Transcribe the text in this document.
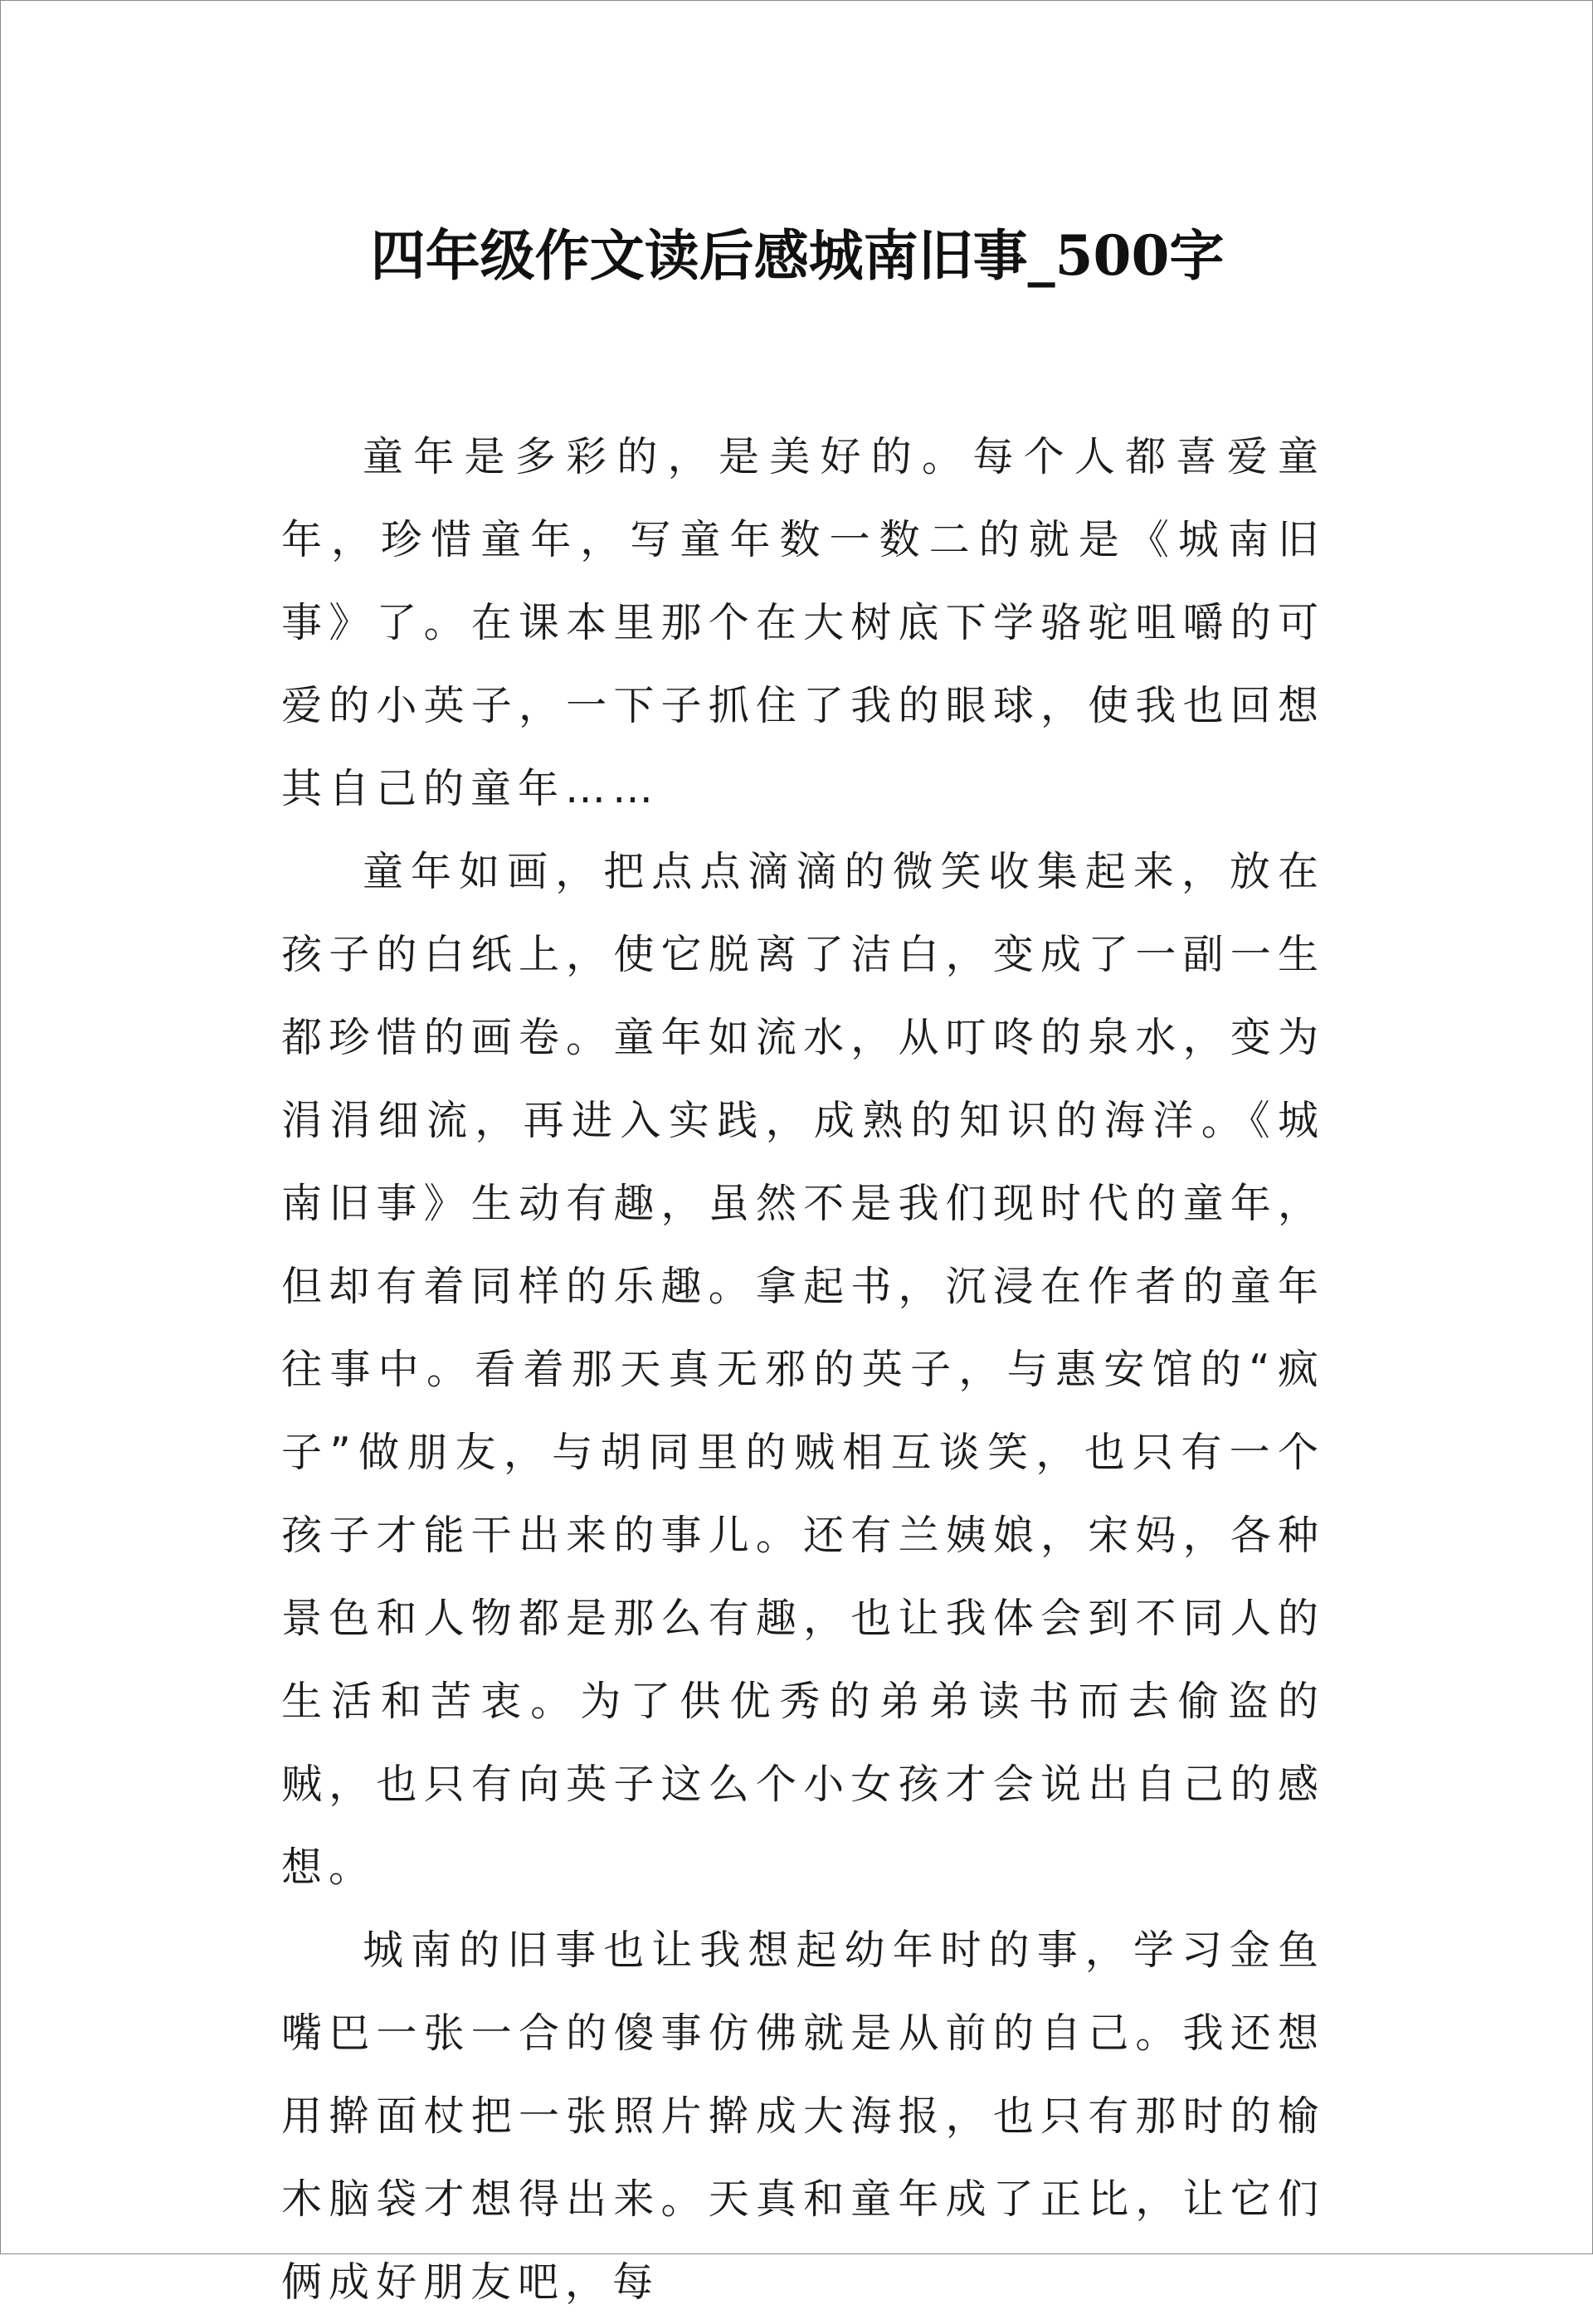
四年级作文读后感城南旧事_500字

童年是多彩的，是美好的。每个人都喜爱童年，珍惜童年，写童年数一数二的就是《城南旧事》了。在课本里那个在大树底下学骆驼咀嚼的可爱的小英子，一下子抓住了我的眼球，使我也回想其自己的童年……

童年如画，把点点滴滴的微笑收集起来，放在孩子的白纸上，使它脱离了洁白，变成了一副一生都珍惜的画卷。童年如流水，从叮咚的泉水，变为涓涓细流，再进入实践，成熟的知识的海洋。《城南旧事》生动有趣，虽然不是我们现时代的童年，但却有着同样的乐趣。拿起书，沉浸在作者的童年往事中。看着那天真无邪的英子，与惠安馆的“疯子”做朋友，与胡同里的贼相互谈笑，也只有一个孩子才能干出来的事儿。还有兰姨娘，宋妈，各种景色和人物都是那么有趣，也让我体会到不同人的生活和苦衷。为了供优秀的弟弟读书而去偷盗的贼，也只有向英子这么个小女孩才会说出自己的感想。

城南的旧事也让我想起幼年时的事，学习金鱼嘴巴一张一合的傻事仿佛就是从前的自己。我还想用擀面杖把一张照片擀成大海报，也只有那时的榆木脑袋才想得出来。天真和童年成了正比，让它们俩成好朋友吧，每
